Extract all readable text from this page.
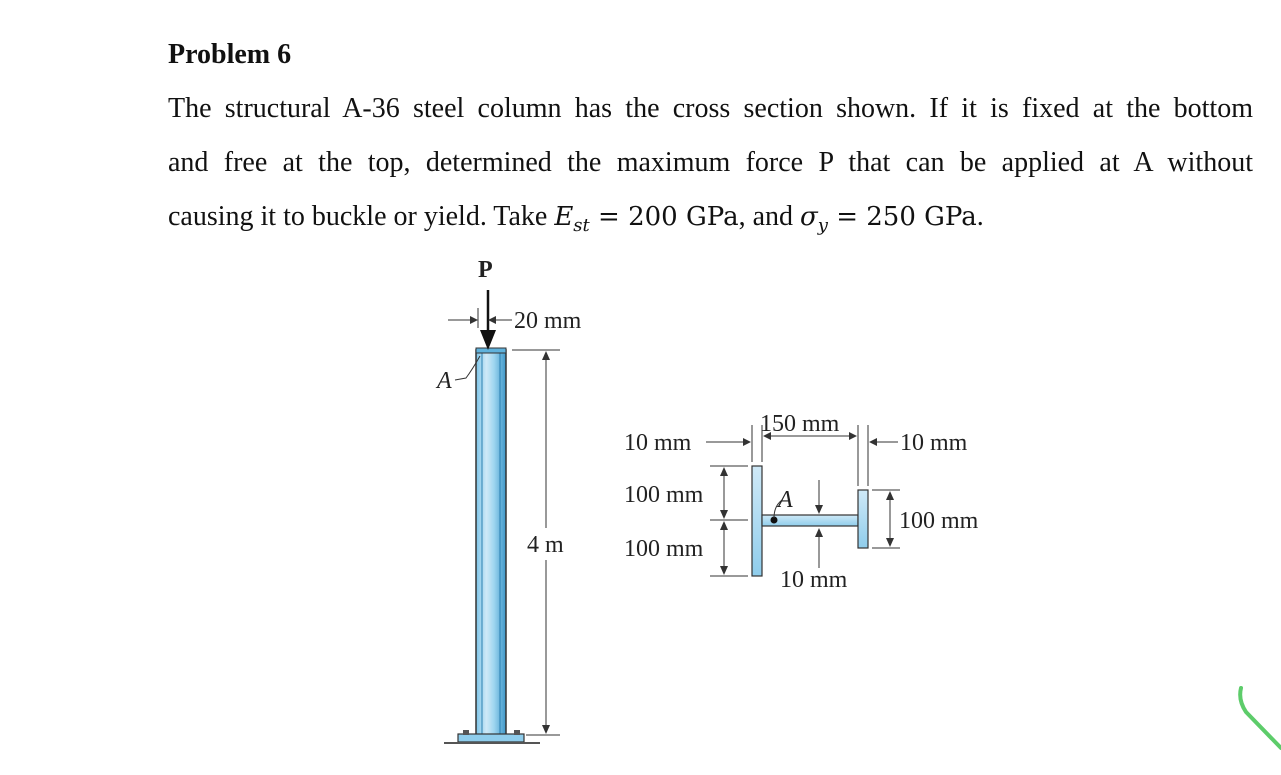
Problem 6
The structural A-36 steel column has the cross section shown. If it is fixed at the bottom
and free at the top, determined the maximum force P that can be applied at A without
causing it to buckle or yield. Take $E_{st} = 200$ GPa, and $\sigma_y = 250$ GPa.
P
20 mm
A
4 m
A
150 mm
10 mm	10 mm
100 mm
100 mm
100 mm
10 mm
